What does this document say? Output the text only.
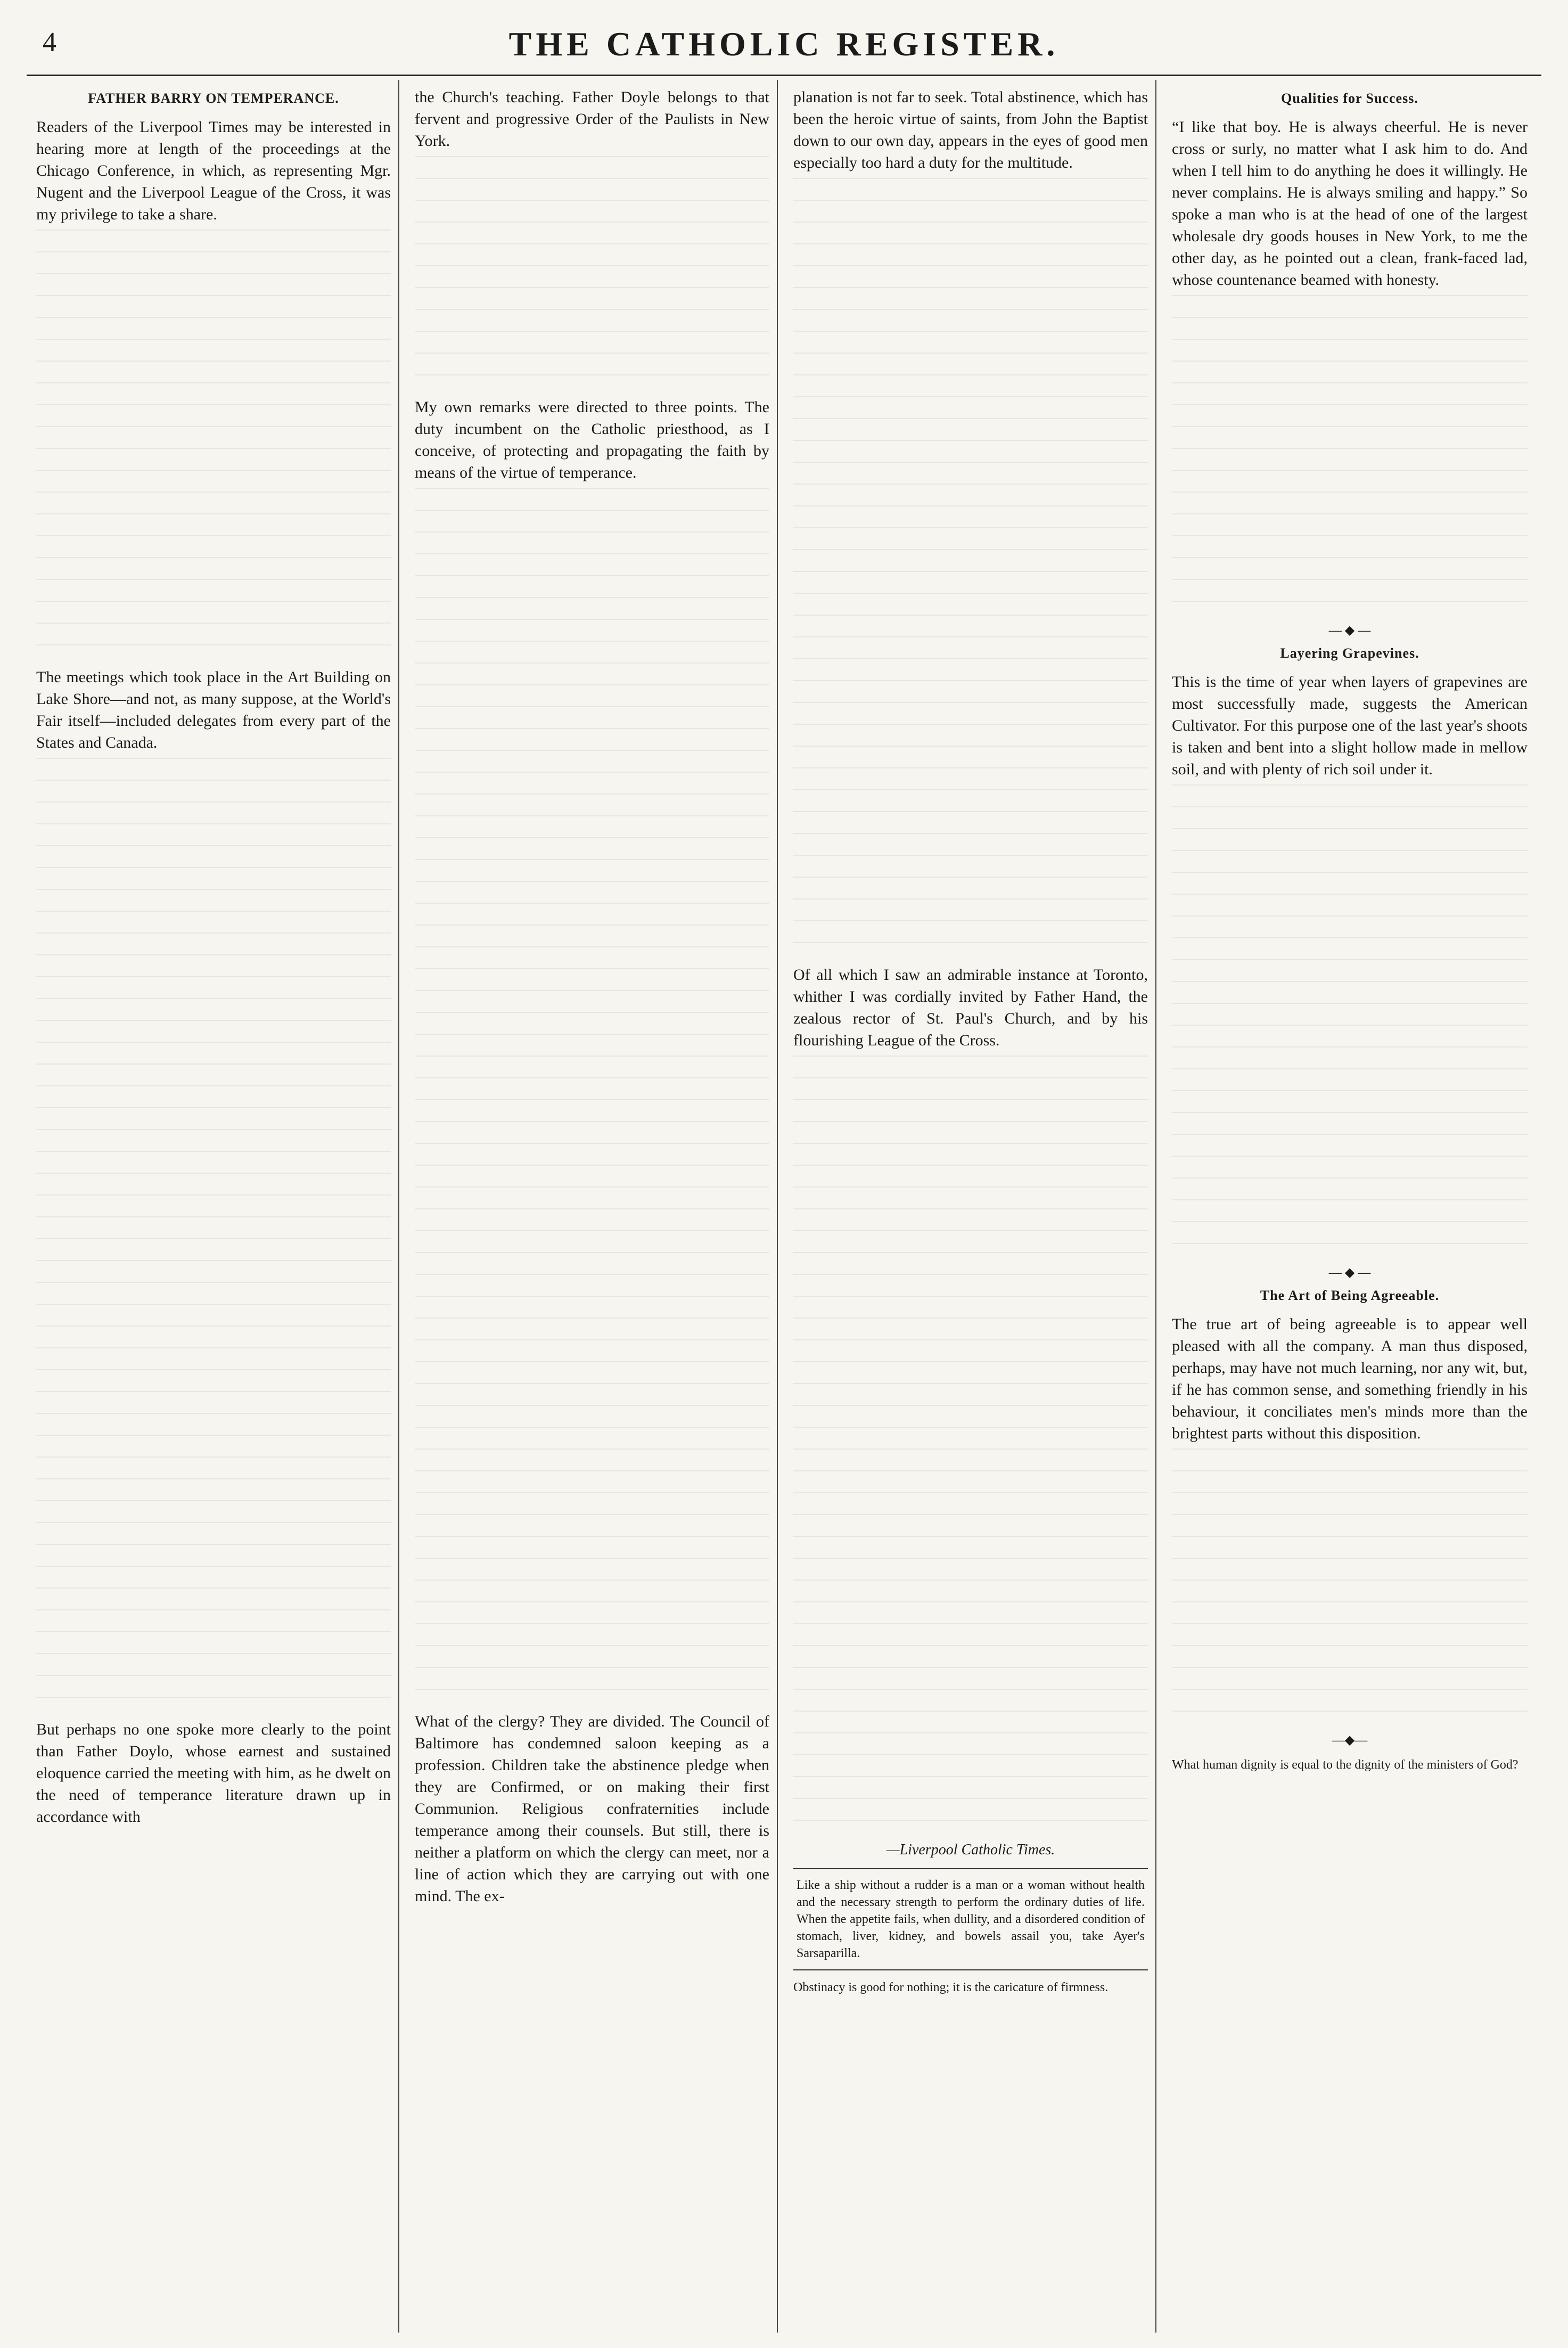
4	THE CATHOLIC REGISTER.
FATHER BARRY ON TEMPERANCE.
Readers of the Liverpool Times may be interested in hearing more at length of the proceedings at the Chicago Conference, in which, as representing Mgr. Nugent and the Liverpool League of the Cross, it was my privilege to take a share.
The meetings which took place in the Art Building on Lake Shore—and not, as many suppose, at the World's Fair itself—included delegates from every part of the States and Canada.
But perhaps no one spoke more clearly to the point than Father Doylo, whose earnest and sustained eloquence carried the meeting with him, as he dwelt on the need of temperance literature drawn up in accordance with
the Church's teaching. Father Doyle belongs to that fervent and progressive Order of the Paulists in New York.
My own remarks were directed to three points. The duty incumbent on the Catholic priesthood, as I conceive, of protecting and propagating the faith by means of the virtue of temperance.
What of the clergy? They are divided. The Council of Baltimore has condemned saloon keeping as a profession. Children take the abstinence pledge when they are Confirmed, or on making their first Communion. Religious confraternities include temperance among their counsels. But still, there is neither a platform on which the clergy can meet, nor a line of action which they are carrying out with one mind. The ex-
planation is not far to seek. Total abstinence, which has been the heroic virtue of saints, from John the Baptist down to our own day, appears in the eyes of good men especially too hard a duty for the multitude.
Of all which I saw an admirable instance at Toronto, whither I was cordially invited by Father Hand, the zealous rector of St. Paul's Church, and by his flourishing League of the Cross.
—Liverpool Catholic Times.
Like a ship without a rudder is a man or a woman without health and the necessary strength to perform the ordinary duties of life. When the appetite fails, when dullity, and a disordered condition of stomach, liver, kidney, and bowels assail you, take Ayer's Sarsaparilla.
Obstinacy is good for nothing; it is the caricature of firmness.
Qualities for Success.
“I like that boy. He is always cheerful. He is never cross or surly, no matter what I ask him to do. And when I tell him to do anything he does it willingly. He never complains. He is always smiling and happy.” So spoke a man who is at the head of one of the largest wholesale dry goods houses in New York, to me the other day, as he pointed out a clean, frank-faced lad, whose countenance beamed with honesty.
— ◆ —
Layering Grapevines.
This is the time of year when layers of grapevines are most successfully made, suggests the American Cultivator. For this purpose one of the last year's shoots is taken and bent into a slight hollow made in mellow soil, and with plenty of rich soil under it.
— ◆ —
The Art of Being Agreeable.
The true art of being agreeable is to appear well pleased with all the company. A man thus disposed, perhaps, may have not much learning, nor any wit, but, if he has common sense, and something friendly in his behaviour, it conciliates men's minds more than the brightest parts without this disposition.
—◆—
What human dignity is equal to the dignity of the ministers of God?
